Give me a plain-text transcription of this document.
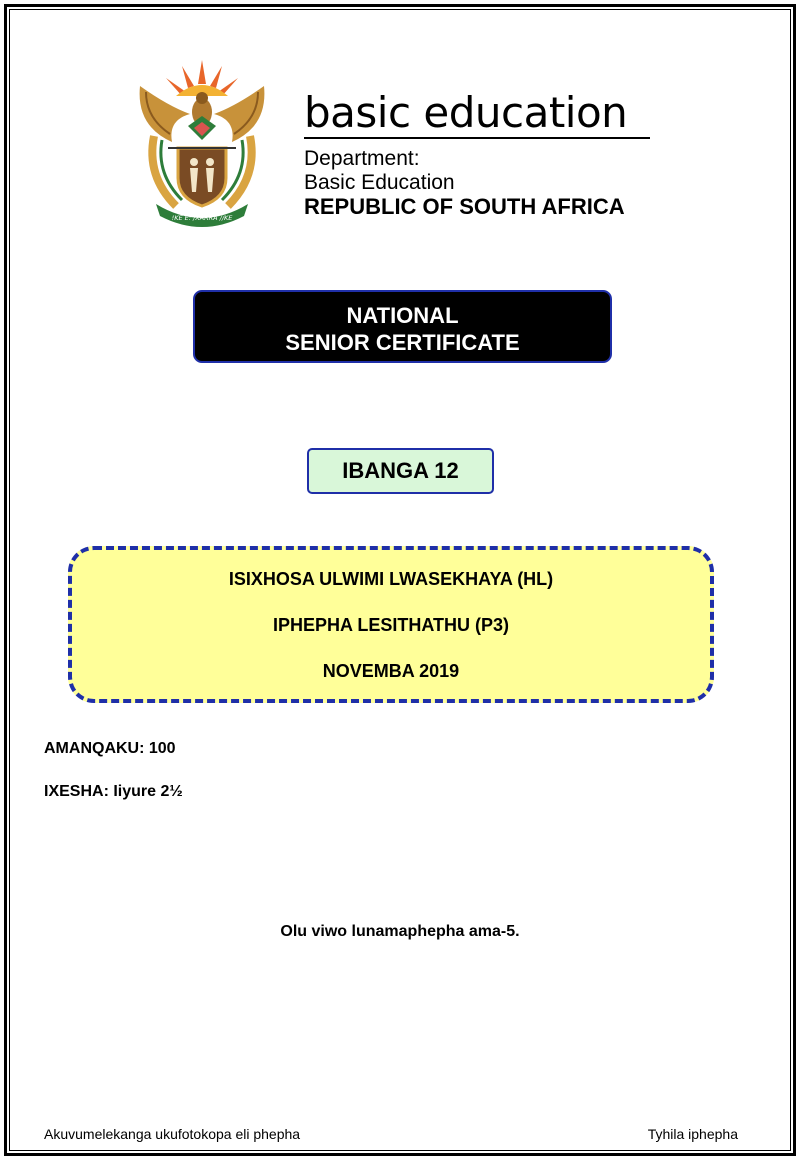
!KE E: /XARRA //KE
basic education
Department:
Basic Education
REPUBLIC OF SOUTH AFRICA
NATIONAL
SENIOR CERTIFICATE
IBANGA 12
ISIXHOSA ULWIMI LWASEKHAYA (HL)
IPHEPHA LESITHATHU (P3)
NOVEMBA 2019
AMANQAKU: 100
IXESHA: Iiyure 2½
Olu viwo lunamaphepha ama-5.
Akuvumelekanga ukufotokopa eli phepha	Tyhila iphepha
